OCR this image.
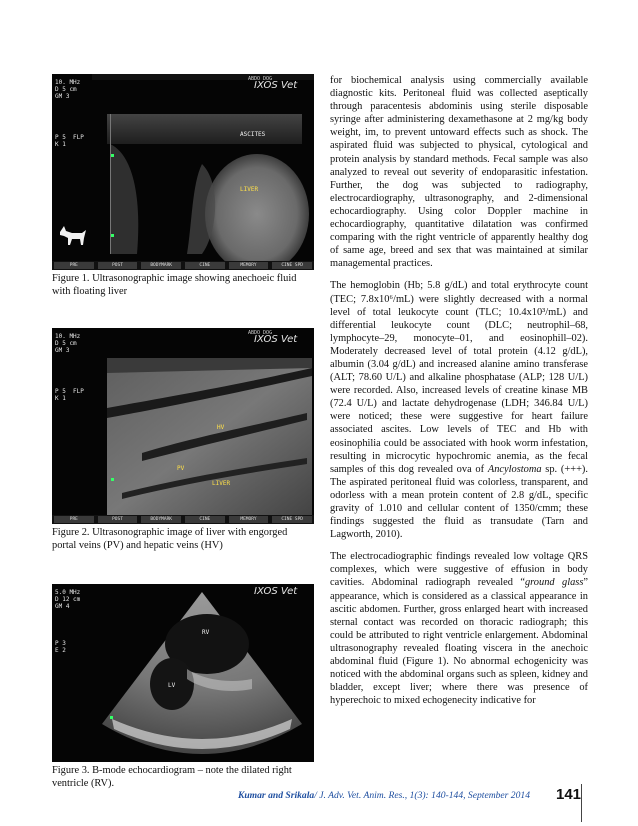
10. MHz
D 5 cm
GM 3
P 5  FLP
K 1
ABDO DOG
IXOS Vet
ASCITES
LIVER
PRE	POST	BODYMARK	CINE	MEMORY	CINE SPD
Figure 1. Ultrasonographic image showing anechoeic fluid with floating liver
10. MHz
D 5 cm
GM 3
P 5  FLP
K 1
ABDO DOG
IXOS Vet
HV
PV
LIVER
PRE	POST	BODYMARK	CINE	MEMORY	CINE SPD
Figure 2. Ultrasonographic image of liver with engorged portal veins (PV) and hepatic veins (HV)
5.0 MHz
D 12 cm
GM 4
P 3
E 2
IXOS Vet
RV
LV
Figure 3. B-mode echocardiogram – note the dilated right ventricle (RV).

for biochemical analysis using commercially available diagnostic kits. Peritoneal fluid was collected aseptically through paracentesis abdominis using sterile disposable syringe after administering dexamethasone at 2 mg/kg body weight, im, to prevent untoward effects such as shock. The aspirated fluid was subjected to physical, cytological and protein analysis by standard methods. Fecal sample was also analyzed to reveal out severity of endoparasitic infestation. Further, the dog was subjected to radiography, electrocardiography, ultrasonography, and 2-dimensional echocardiography. Using color Doppler machine in echocardiography, quantitative dilatation was confirmed comparing with the right ventricle of apparently healthy dog of same age, breed and sex that was maintained at similar managemental practices.

The hemoglobin (Hb; 5.8 g/dL) and total erythrocyte count (TEC; 7.8x10⁶/mL) were slightly decreased with a normal level of total leukocyte count (TLC; 10.4x10³/mL) and differential leukocyte count (DLC; neutrophil–68, lymphocyte–29, monocyte–01, and eosinophill–02). Moderately decreased level of total protein (4.12 g/dL), albumin (3.04 g/dL) and increased alanine amino transferase (ALT; 78.60 U/L) and alkaline phosphatase (ALP; 128 U/L) were recorded. Also, increased levels of creatine kinase MB (72.4 U/L) and lactate dehydrogenase (LDH; 346.84 U/L) were noticed; these were suggestive for heart failure associated ascites. Low levels of TEC and Hb with eosinophilia could be associated with hook worm infestation, resulting in microcytic hypochromic anemia, as the fecal samples of this dog revealed ova of Ancylostoma sp. (+++). The aspirated peritoneal fluid was colorless, transparent, and odorless with a mean protein content of 2.8 g/dL, specific gravity of 1.010 and cellular content of 1350/cmm; these findings suggested the fluid as transudate (Tarn and Lagworth, 2010).

The electrocadiographic findings revealed low voltage QRS complexes, which were suggestive of effusion in body cavities. Abdominal radiograph revealed “ground glass” appearance, which is considered as a classical appearance in ascitic abdomen. Further, gross enlarged heart with increased sternal contact was recorded on thoracic radiograph; this could be attributed to right ventricle enlargement. Abdominal ultrasonography revealed floating viscera in the anechoic abdominal fluid (Figure 1). No abnormal echogenicity was noticed with the abdominal organs such as spleen, kidney and bladder, except liver; where there was presence of hyperechoic to mixed echogenecity indicative for

Kumar and Srikala/ J. Adv. Vet. Anim. Res., 1(3): 140-144, September 2014 141
